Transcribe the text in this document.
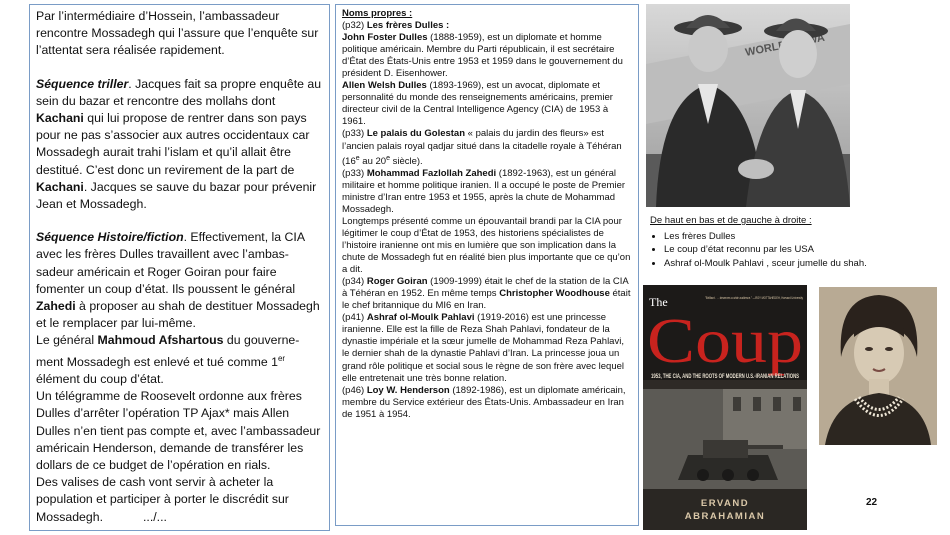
Par l’intermédiaire d’Hossein, l’ambassadeur rencontre Mossadegh qui l’assure que l’enquête sur l’attentat sera réalisée rapidement.

Séquence triller. Jacques fait sa propre enquête au sein du bazar et rencontre des mollahs dont Kachani qui lui propose de rentrer dans son pays pour ne pas s’associer aux autres occidentaux car Mossadegh aurait trahi l’islam et qu’il allait être destitué. C’est donc un revirement de la part de Kachani. Jacques se sauve du bazar pour prévenir Jean et Mossadegh.

Séquence Histoire/fiction. Effectivement, la CIA avec les frères Dulles travaillent avec l’ambas-sadeur américain et Roger Goiran pour faire fomenter un coup d’état. Ils poussent le général Zahedi à proposer au shah de destituer Mossadegh et le remplacer par lui-même.

Le général Mahmoud Afshartous du gouverne-ment Mossadegh est enlevé et tué comme 1er élément du coup d’état.

Un télégramme de Roosevelt ordonne aux frères Dulles d’arrêter l’opération TP Ajax* mais Allen Dulles n’en tient pas compte et, avec l’ambassadeur américain Henderson, demande de transférer les dollars de ce budget de l’opération en rials.

Des valises de cash vont servir à acheter la population et participer à porter le discrédit sur Mossadegh.	.../...

Noms propres :
(p32) Les frères Dulles :
John Foster Dulles (1888-1959), est un diplomate et homme politique américain. Membre du Parti républicain, il est secrétaire d’État des États-Unis entre 1953 et 1959 dans le gouvernement du président D. Eisenhower.
Allen Welsh Dulles (1893-1969), est un avocat, diplomate et personnalité du monde des renseignements américains, premier directeur civil de la Central Intelligence Agency (CIA) de 1953 à 1961.
(p33) Le palais du Golestan « palais du jardin des fleurs» est l’ancien palais royal qadjar situé dans la citadelle royale à Téhéran (16e au 20e siècle).
(p33) Mohammad Fazlollah Zahedi (1892-1963), est un général militaire et homme politique iranien. Il a occupé le poste de Premier ministre d’Iran entre 1953 et 1955, après la chute de Mohammad Mossadegh.
Longtemps présenté comme un épouvantail brandi par la CIA pour légitimer le coup d’État de 1953, des historiens spécialistes de l’histoire iranienne ont mis en lumière que son implication dans la chute de Mossadegh fut en réalité bien plus importante que ce qu’on a dit.
(p34) Roger Goiran (1909-1999) était le chef de la station de la CIA à Téhéran en 1952. En même temps Christopher Woodhouse était le chef britannique du MI6 en Iran.
(p41) Ashraf ol-Moulk Pahlavi (1919-2016) est une princesse iranienne. Elle est la fille de Reza Shah Pahlavi, fondateur de la dynastie impériale et la sœur jumelle de Mohammad Reza Pahlavi, le dernier shah de la dynastie Pahlavi d’Iran. La princesse joua un grand rôle politique et social sous le règne de son frère avec lequel elle entretenait une très bonne relation.
(p46) Loy W. Henderson (1892-1986), est un diplomate américain, membre du Service extérieur des États-Unis. Ambassadeur en Iran de 1951 à 1954.
WORLD
De haut en bas et de gauche à droite :
• Les frères Dulles
• Le coup d’état reconnu par les USA
• Ashraf ol-Moulk Pahlavi , sceur jumelle du shah.
The	"Brilliant . . . deserves a wide audience." —ROY MOTTAHEDEH, Harvard University
Coup
1953, THE CIA, AND THE ROOTS OF MODERN U.S.-IRANIAN RELATIONS
ERVAND
ABRAHAMIAN
22
